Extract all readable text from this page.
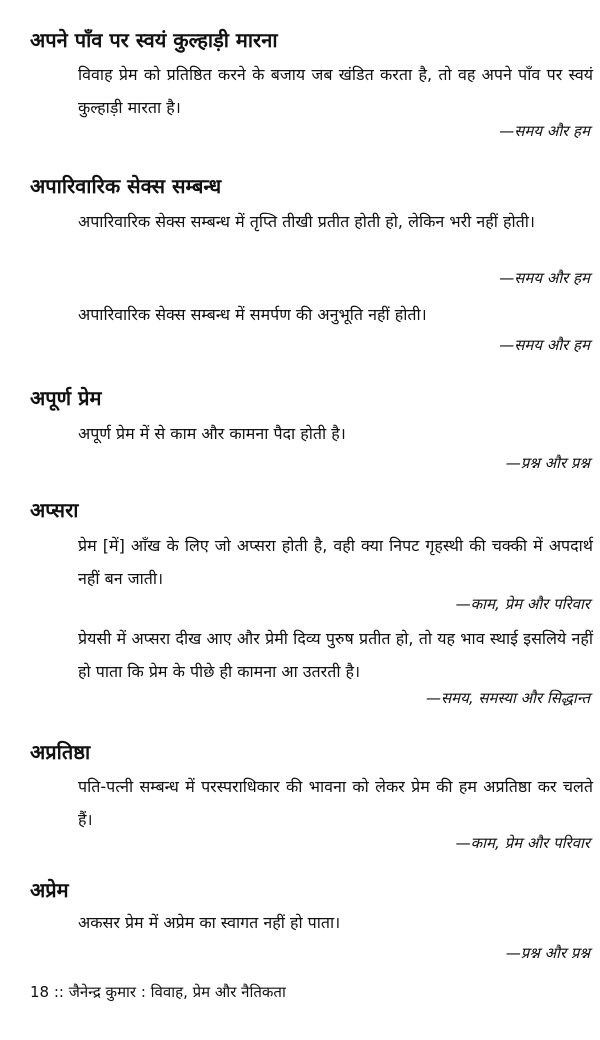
अपने पाँव पर स्वयं कुल्हाड़ी मारना
विवाह प्रेम को प्रतिष्ठित करने के बजाय जब खंडित करता है, तो वह अपने पाँव पर स्वयं कुल्हाड़ी मारता है।
—समय और हम
अपारिवारिक सेक्स सम्बन्ध
अपारिवारिक सेक्स सम्बन्ध में तृप्ति तीखी प्रतीत होती हो, लेकिन भरी नहीं होती।
—समय और हम
अपारिवारिक सेक्स सम्बन्ध में समर्पण की अनुभूति नहीं होती।
—समय और हम
अपूर्ण प्रेम
अपूर्ण प्रेम में से काम और कामना पैदा होती है।
—प्रश्न और प्रश्न
अप्सरा
प्रेम [में] आँख के लिए जो अप्सरा होती है, वही क्या निपट गृहस्थी की चक्की में अपदार्थ नहीं बन जाती।
—काम, प्रेम और परिवार
प्रेयसी में अप्सरा दीख आए और प्रेमी दिव्य पुरुष प्रतीत हो, तो यह भाव स्थाई इसलिये नहीं हो पाता कि प्रेम के पीछे ही कामना आ उतरती है।
—समय, समस्या और सिद्धान्त
अप्रतिष्ठा
पति-पत्नी सम्बन्ध में परस्पराधिकार की भावना को लेकर प्रेम की हम अप्रतिष्ठा कर चलते हैं।
—काम, प्रेम और परिवार
अप्रेम
अकसर प्रेम में अप्रेम का स्वागत नहीं हो पाता।
—प्रश्न और प्रश्न
18 :: जैनेन्द्र कुमार : विवाह, प्रेम और नैतिकता
